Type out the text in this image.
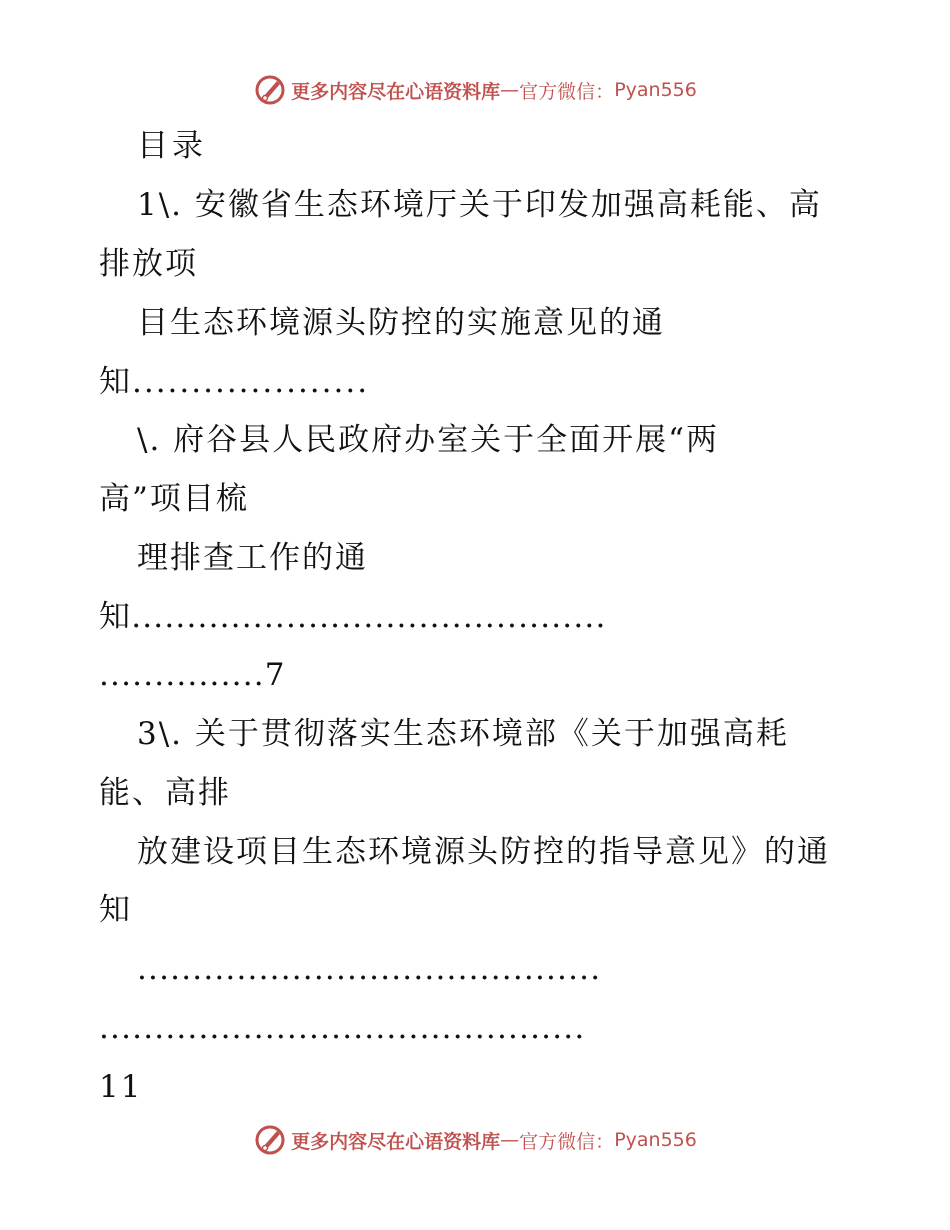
更多内容尽在心语资料库 — 官方微信： Pyan556
目录
1\. 安徽省生态环境厅关于印发加强高耗能、高
排放项
目生态环境源头防控的实施意见的通
知....................
\. 府谷县人民政府办室关于全面开展“两
高”项目梳
理排查工作的通
知...........................................
...............7
3\. 关于贯彻落实生态环境部《关于加强高耗
能、高排
放建设项目生态环境源头防控的指导意见》的通
知
..........................................
............................................
11
更多内容尽在心语资料库 — 官方微信： Pyan556
